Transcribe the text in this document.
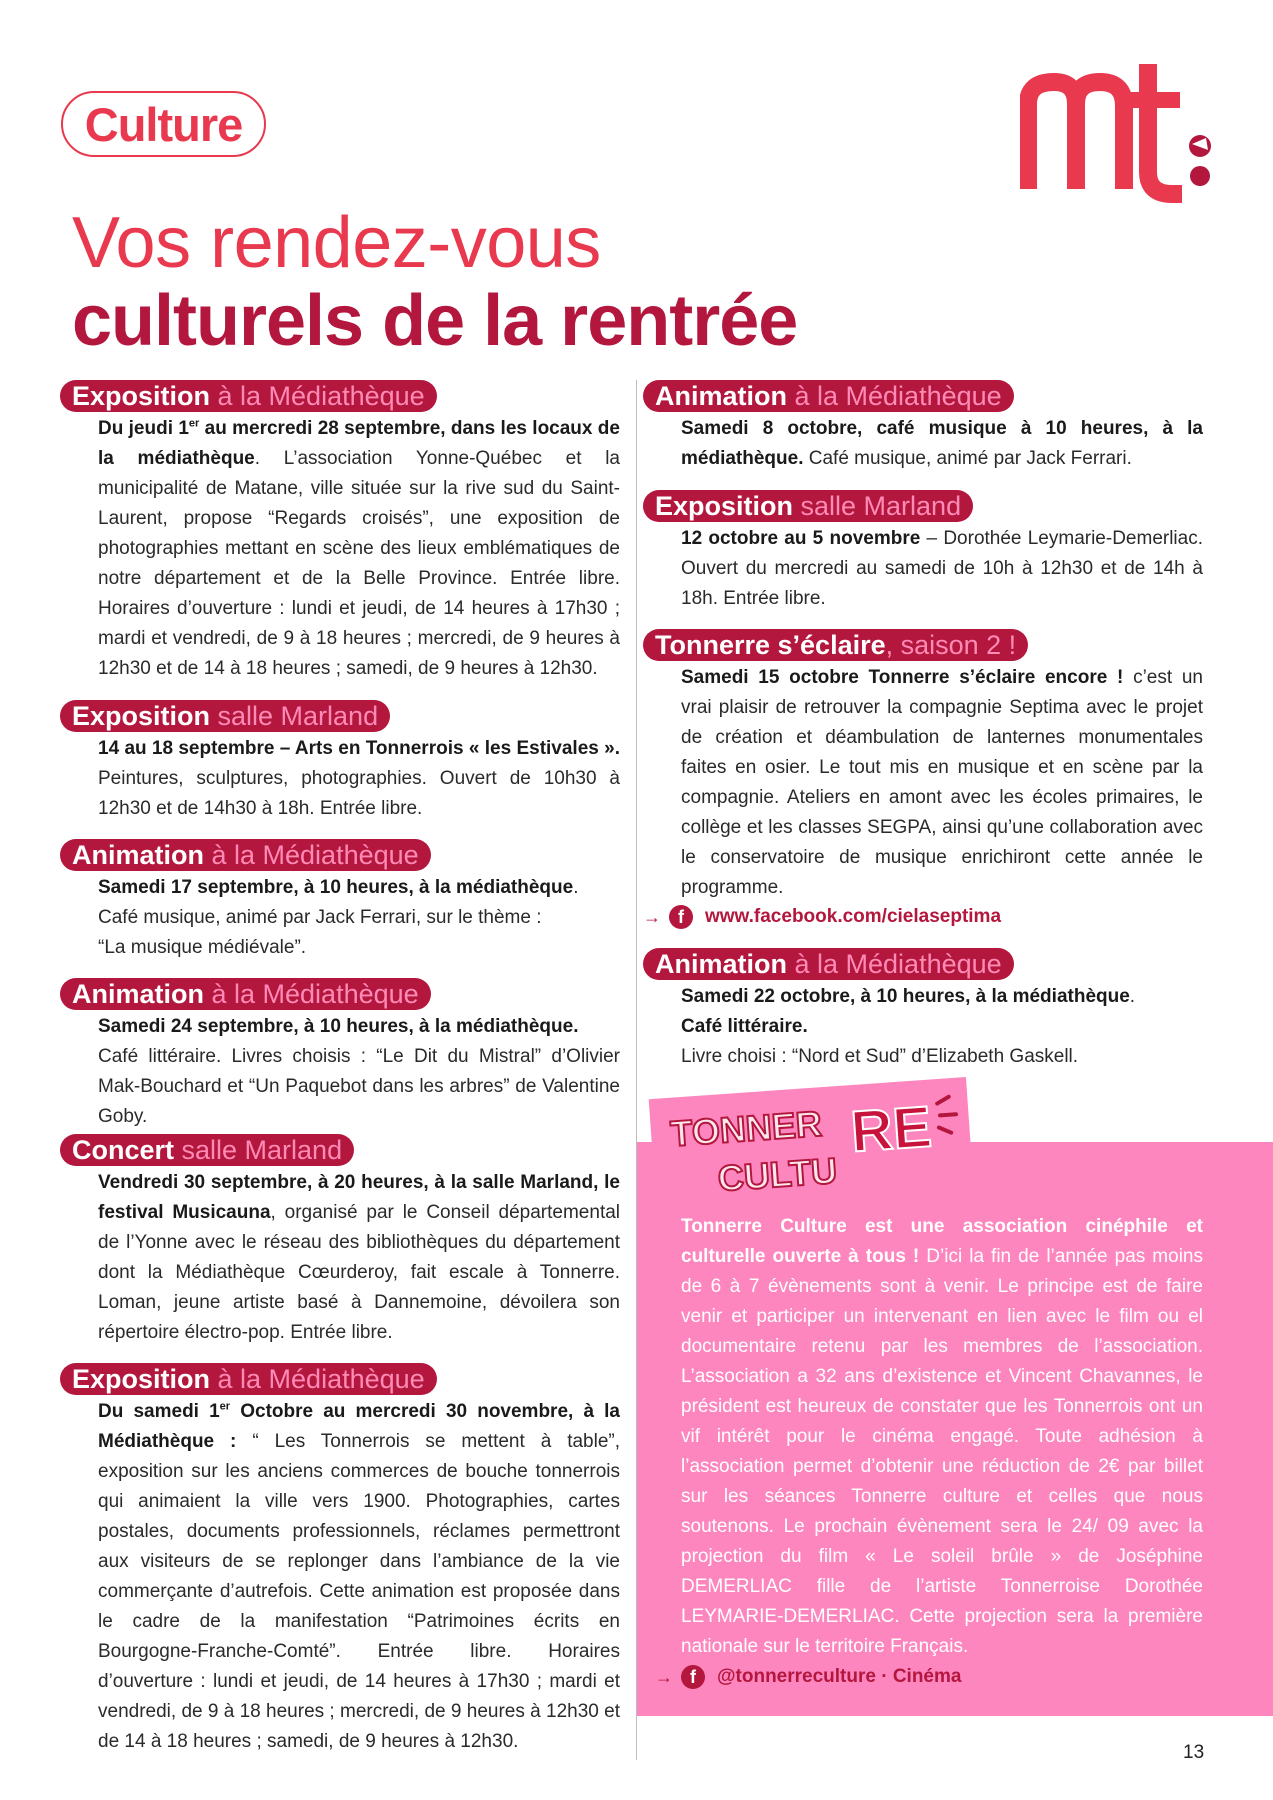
Culture
Vos rendez-vous
culturels de la rentrée
Exposition à la Médiathèque

Du jeudi 1er au mercredi 28 septembre, dans les locaux de la médiathèque. L’association Yonne-Québec et la municipalité de Matane, ville située sur la rive sud du Saint-Laurent, propose “Regards croisés”, une exposition de photographies mettant en scène des lieux emblématiques de notre département et de la Belle Province. Entrée libre. Horaires d’ouverture : lundi et jeudi, de 14 heures à 17h30 ; mardi et vendredi, de 9 à 18 heures ; mercredi, de 9 heures à 12h30 et de 14 à 18 heures ; samedi, de 9 heures à 12h30.

Exposition salle Marland

14 au 18 septembre – Arts en Tonnerrois « les Estivales ». Peintures, sculptures, photographies. Ouvert de 10h30 à 12h30 et de 14h30 à 18h. Entrée libre.

Animation à la Médiathèque

Samedi 17 septembre, à 10 heures, à la médiathèque.
Café musique, animé par Jack Ferrari, sur le thème :
“La musique médiévale”.

Animation à la Médiathèque

Samedi 24 septembre, à 10 heures, à la médiathèque.
Café littéraire. Livres choisis : “Le Dit du Mistral” d’Olivier Mak-Bouchard et “Un Paquebot dans les arbres” de Valentine Goby.

Concert salle Marland

Vendredi 30 septembre, à 20 heures, à la salle Marland, le festival Musicauna, organisé par le Conseil départemental de l’Yonne avec le réseau des bibliothèques du département dont la Médiathèque Cœurderoy, fait escale à Tonnerre. Loman, jeune artiste basé à Dannemoine, dévoilera son répertoire électro-pop. Entrée libre.

Exposition à la Médiathèque

Du samedi 1er Octobre au mercredi 30 novembre, à la Médiathèque : “ Les Tonnerrois se mettent à table”, exposition sur les anciens commerces de bouche tonnerrois qui animaient la ville vers 1900. Photographies, cartes postales, documents professionnels, réclames permettront aux visiteurs de se replonger dans l’ambiance de la vie commerçante d’autrefois. Cette animation est proposée dans le cadre de la manifestation “Patrimoines écrits en Bourgogne-Franche-Comté”. Entrée libre. Horaires d’ouverture : lundi et jeudi, de 14 heures à 17h30 ; mardi et vendredi, de 9 à 18 heures ; mercredi, de 9 heures à 12h30 et de 14 à 18 heures ; samedi, de 9 heures à 12h30.

Animation à la Médiathèque

Samedi 8 octobre, café musique à 10 heures, à la médiathèque. Café musique, animé par Jack Ferrari.

Exposition salle Marland

12 octobre au 5 novembre – Dorothée Leymarie-Demerliac. Ouvert du mercredi au samedi de 10h à 12h30 et de 14h à 18h. Entrée libre.

Tonnerre s’éclaire, saison 2 !

Samedi 15 octobre Tonnerre s’éclaire encore ! c’est un vrai plaisir de retrouver la compagnie Septima avec le projet de création et déambulation de lanternes monumentales faites en osier. Le tout mis en musique et en scène par la compagnie. Ateliers en amont avec les écoles primaires, le collège et les classes SEGPA, ainsi qu’une collaboration avec le conservatoire de musique enrichiront cette année le programme.

→ f	www.facebook.com/cielaseptima
Animation à la Médiathèque

Samedi 22 octobre, à 10 heures, à la médiathèque.
Café littéraire.
Livre choisi : “Nord et Sud” d’Elizabeth Gaskell.

TONNER RE
CULTU

Tonnerre Culture est une association cinéphile et culturelle ouverte à tous ! D’ici la fin de l’année pas moins de 6 à 7 évènements sont à venir. Le principe est de faire venir et participer un intervenant en lien avec le film ou el documentaire retenu par les membres de l’association. L’association a 32 ans d’existence et Vincent Chavannes, le président est heureux de constater que les Tonnerrois ont un vif intérêt pour le cinéma engagé. Toute adhésion à l’association permet d’obtenir une réduction de 2€ par billet sur les séances Tonnerre culture et celles que nous soutenons. Le prochain évènement sera le 24/ 09 avec la projection du film « Le soleil brûle » de Joséphine DEMERLIAC fille de l’artiste Tonnerroise Dorothée LEYMARIE-DEMERLIAC. Cette projection sera la première nationale sur le territoire Français.

→ f	@tonnerreculture · Cinéma
13
